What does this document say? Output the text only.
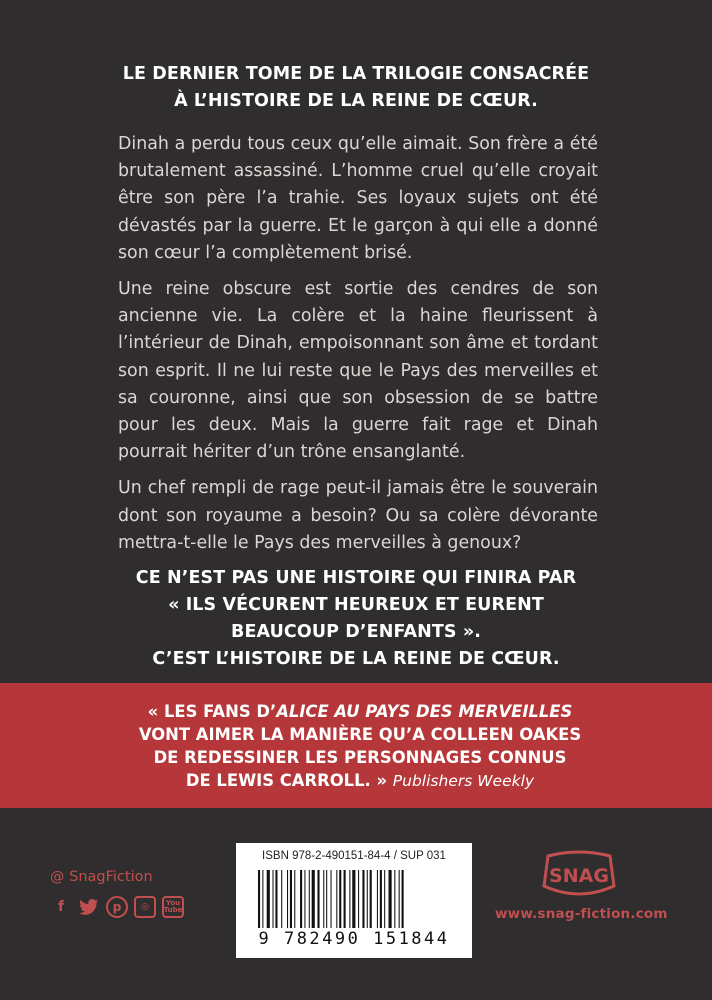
LE DERNIER TOME DE LA TRILOGIE CONSACRÉE
À L’HISTOIRE DE LA REINE DE CŒUR.

Dinah a perdu tous ceux qu’elle aimait. Son frère a été brutalement assassiné. L’homme cruel qu’elle croyait être son père l’a trahie. Ses loyaux sujets ont été dévastés par la guerre. Et le garçon à qui elle a donné son cœur l’a complètement brisé.

Une reine obscure est sortie des cendres de son ancienne vie. La colère et la haine fleurissent à l’intérieur de Dinah, empoisonnant son âme et tordant son esprit. Il ne lui reste que le Pays des merveilles et sa couronne, ainsi que son obsession de se battre pour les deux. Mais la guerre fait rage et Dinah pourrait hériter d’un trône ensanglanté.

Un chef rempli de rage peut-il jamais être le souverain dont son royaume a besoin? Ou sa colère dévorante mettra-t-elle le Pays des merveilles à genoux?

CE N’EST PAS UNE HISTOIRE QUI FINIRA PAR
« ILS VÉCURENT HEUREUX ET EURENT
BEAUCOUP D’ENFANTS ».
C’EST L’HISTOIRE DE LA REINE DE CŒUR.
« LES FANS D’ALICE AU PAYS DES MERVEILLES
VONT AIMER LA MANIÈRE QU’A COLLEEN OAKES
DE REDESSINER LES PERSONNAGES CONNUS
DE LEWIS CARROLL. » Publishers Weekly
@ SnagFiction
f	p	◎	You Tube
ISBN 978-2-490151-84-4 / SUP 031
9 782490 151844
SNAG
www.snag-fiction.com
